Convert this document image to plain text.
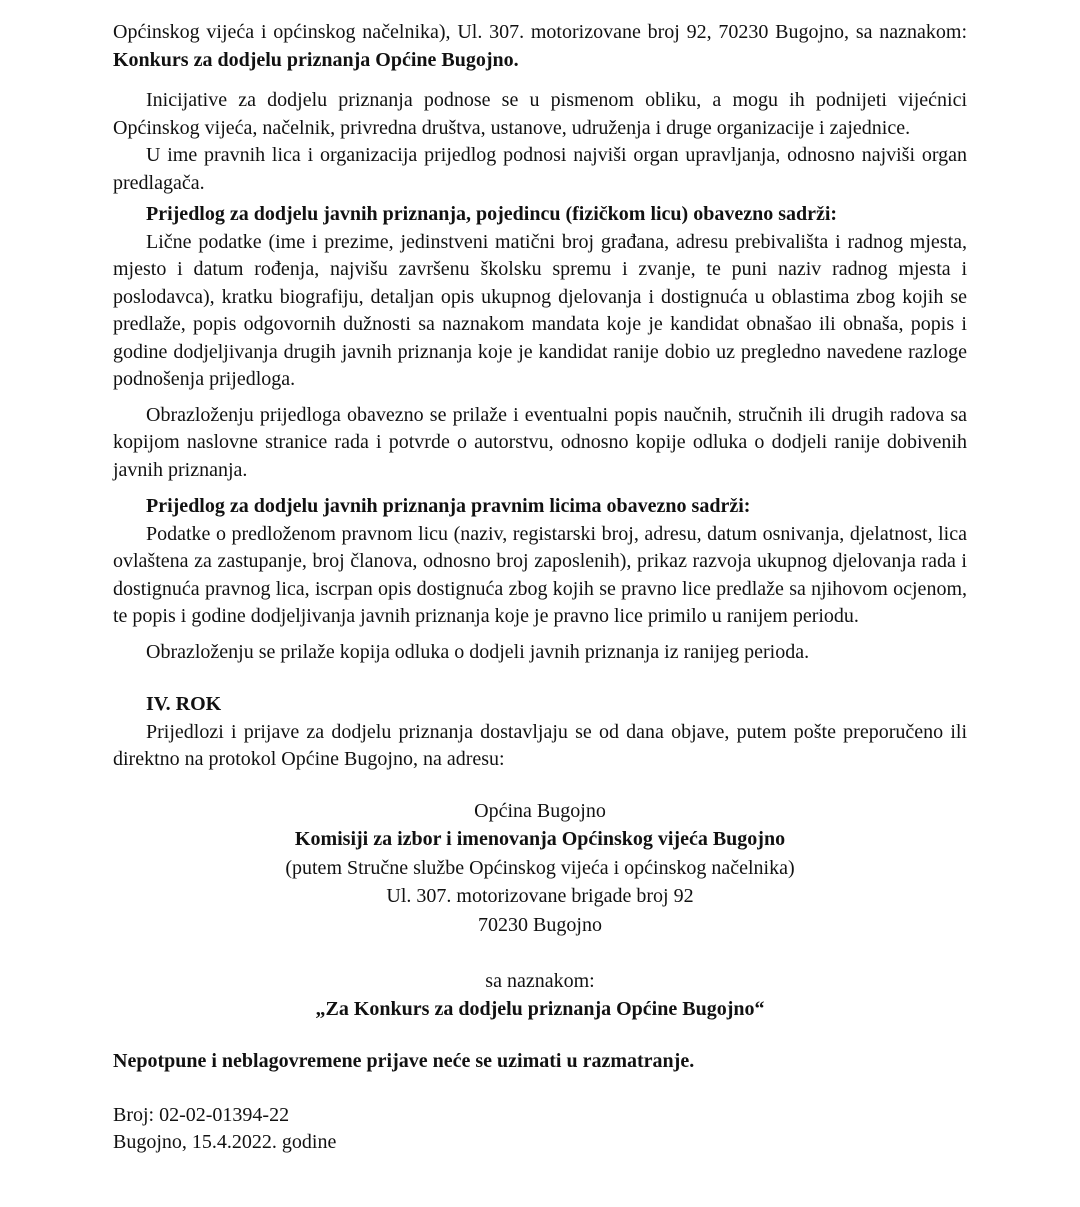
Općinskog vijeća i općinskog načelnika), Ul. 307. motorizovane broj 92, 70230 Bugojno, sa naznakom: Konkurs za dodjelu priznanja Općine Bugojno.

Inicijative za dodjelu priznanja podnose se u pismenom obliku, a mogu ih podnijeti vijećnici Općinskog vijeća, načelnik, privredna društva, ustanove, udruženja i druge organizacije i zajednice.

U ime pravnih lica i organizacija prijedlog podnosi najviši organ upravljanja, odnosno najviši organ predlagača.

Prijedlog za dodjelu javnih priznanja, pojedincu (fizičkom licu) obavezno sadrži:

Lične podatke (ime i prezime, jedinstveni matični broj građana, adresu prebivališta i radnog mjesta, mjesto i datum rođenja, najvišu završenu školsku spremu i zvanje, te puni naziv radnog mjesta i poslodavca), kratku biografiju, detaljan opis ukupnog djelovanja i dostignuća u oblastima zbog kojih se predlaže, popis odgovornih dužnosti sa naznakom mandata koje je kandidat obnašao ili obnaša, popis i godine dodjeljivanja drugih javnih priznanja koje je kandidat ranije dobio uz pregledno navedene razloge podnošenja prijedloga.

Obrazloženju prijedloga obavezno se prilaže i eventualni popis naučnih, stručnih ili drugih radova sa kopijom naslovne stranice rada i potvrde o autorstvu, odnosno kopije odluka o dodjeli ranije dobivenih javnih priznanja.

Prijedlog za dodjelu javnih priznanja pravnim licima obavezno sadrži:

Podatke o predloženom pravnom licu (naziv, registarski broj, adresu, datum osnivanja, djelatnost, lica ovlaštena za zastupanje, broj članova, odnosno broj zaposlenih), prikaz razvoja ukupnog djelovanja rada i dostignuća pravnog lica, iscrpan opis dostignuća zbog kojih se pravno lice predlaže sa njihovom ocjenom, te popis i godine dodjeljivanja javnih priznanja koje je pravno lice primilo u ranijem periodu.

Obrazloženju se prilaže kopija odluka o dodjeli javnih priznanja iz ranijeg perioda.

IV. ROK

Prijedlozi i prijave za dodjelu priznanja dostavljaju se od dana objave, putem pošte preporučeno ili direktno na protokol Općine Bugojno, na adresu:

Općina Bugojno
Komisiji za izbor i imenovanja Općinskog vijeća Bugojno
(putem Stručne službe Općinskog vijeća i općinskog načelnika)
Ul. 307. motorizovane brigade broj 92
70230 Bugojno

sa naznakom:

„Za Konkurs za dodjelu priznanja Općine Bugojno“

Nepotpune i neblagovremene prijave neće se uzimati u razmatranje.

Broj: 02-02-01394-22

Bugojno, 15.4.2022. godine
